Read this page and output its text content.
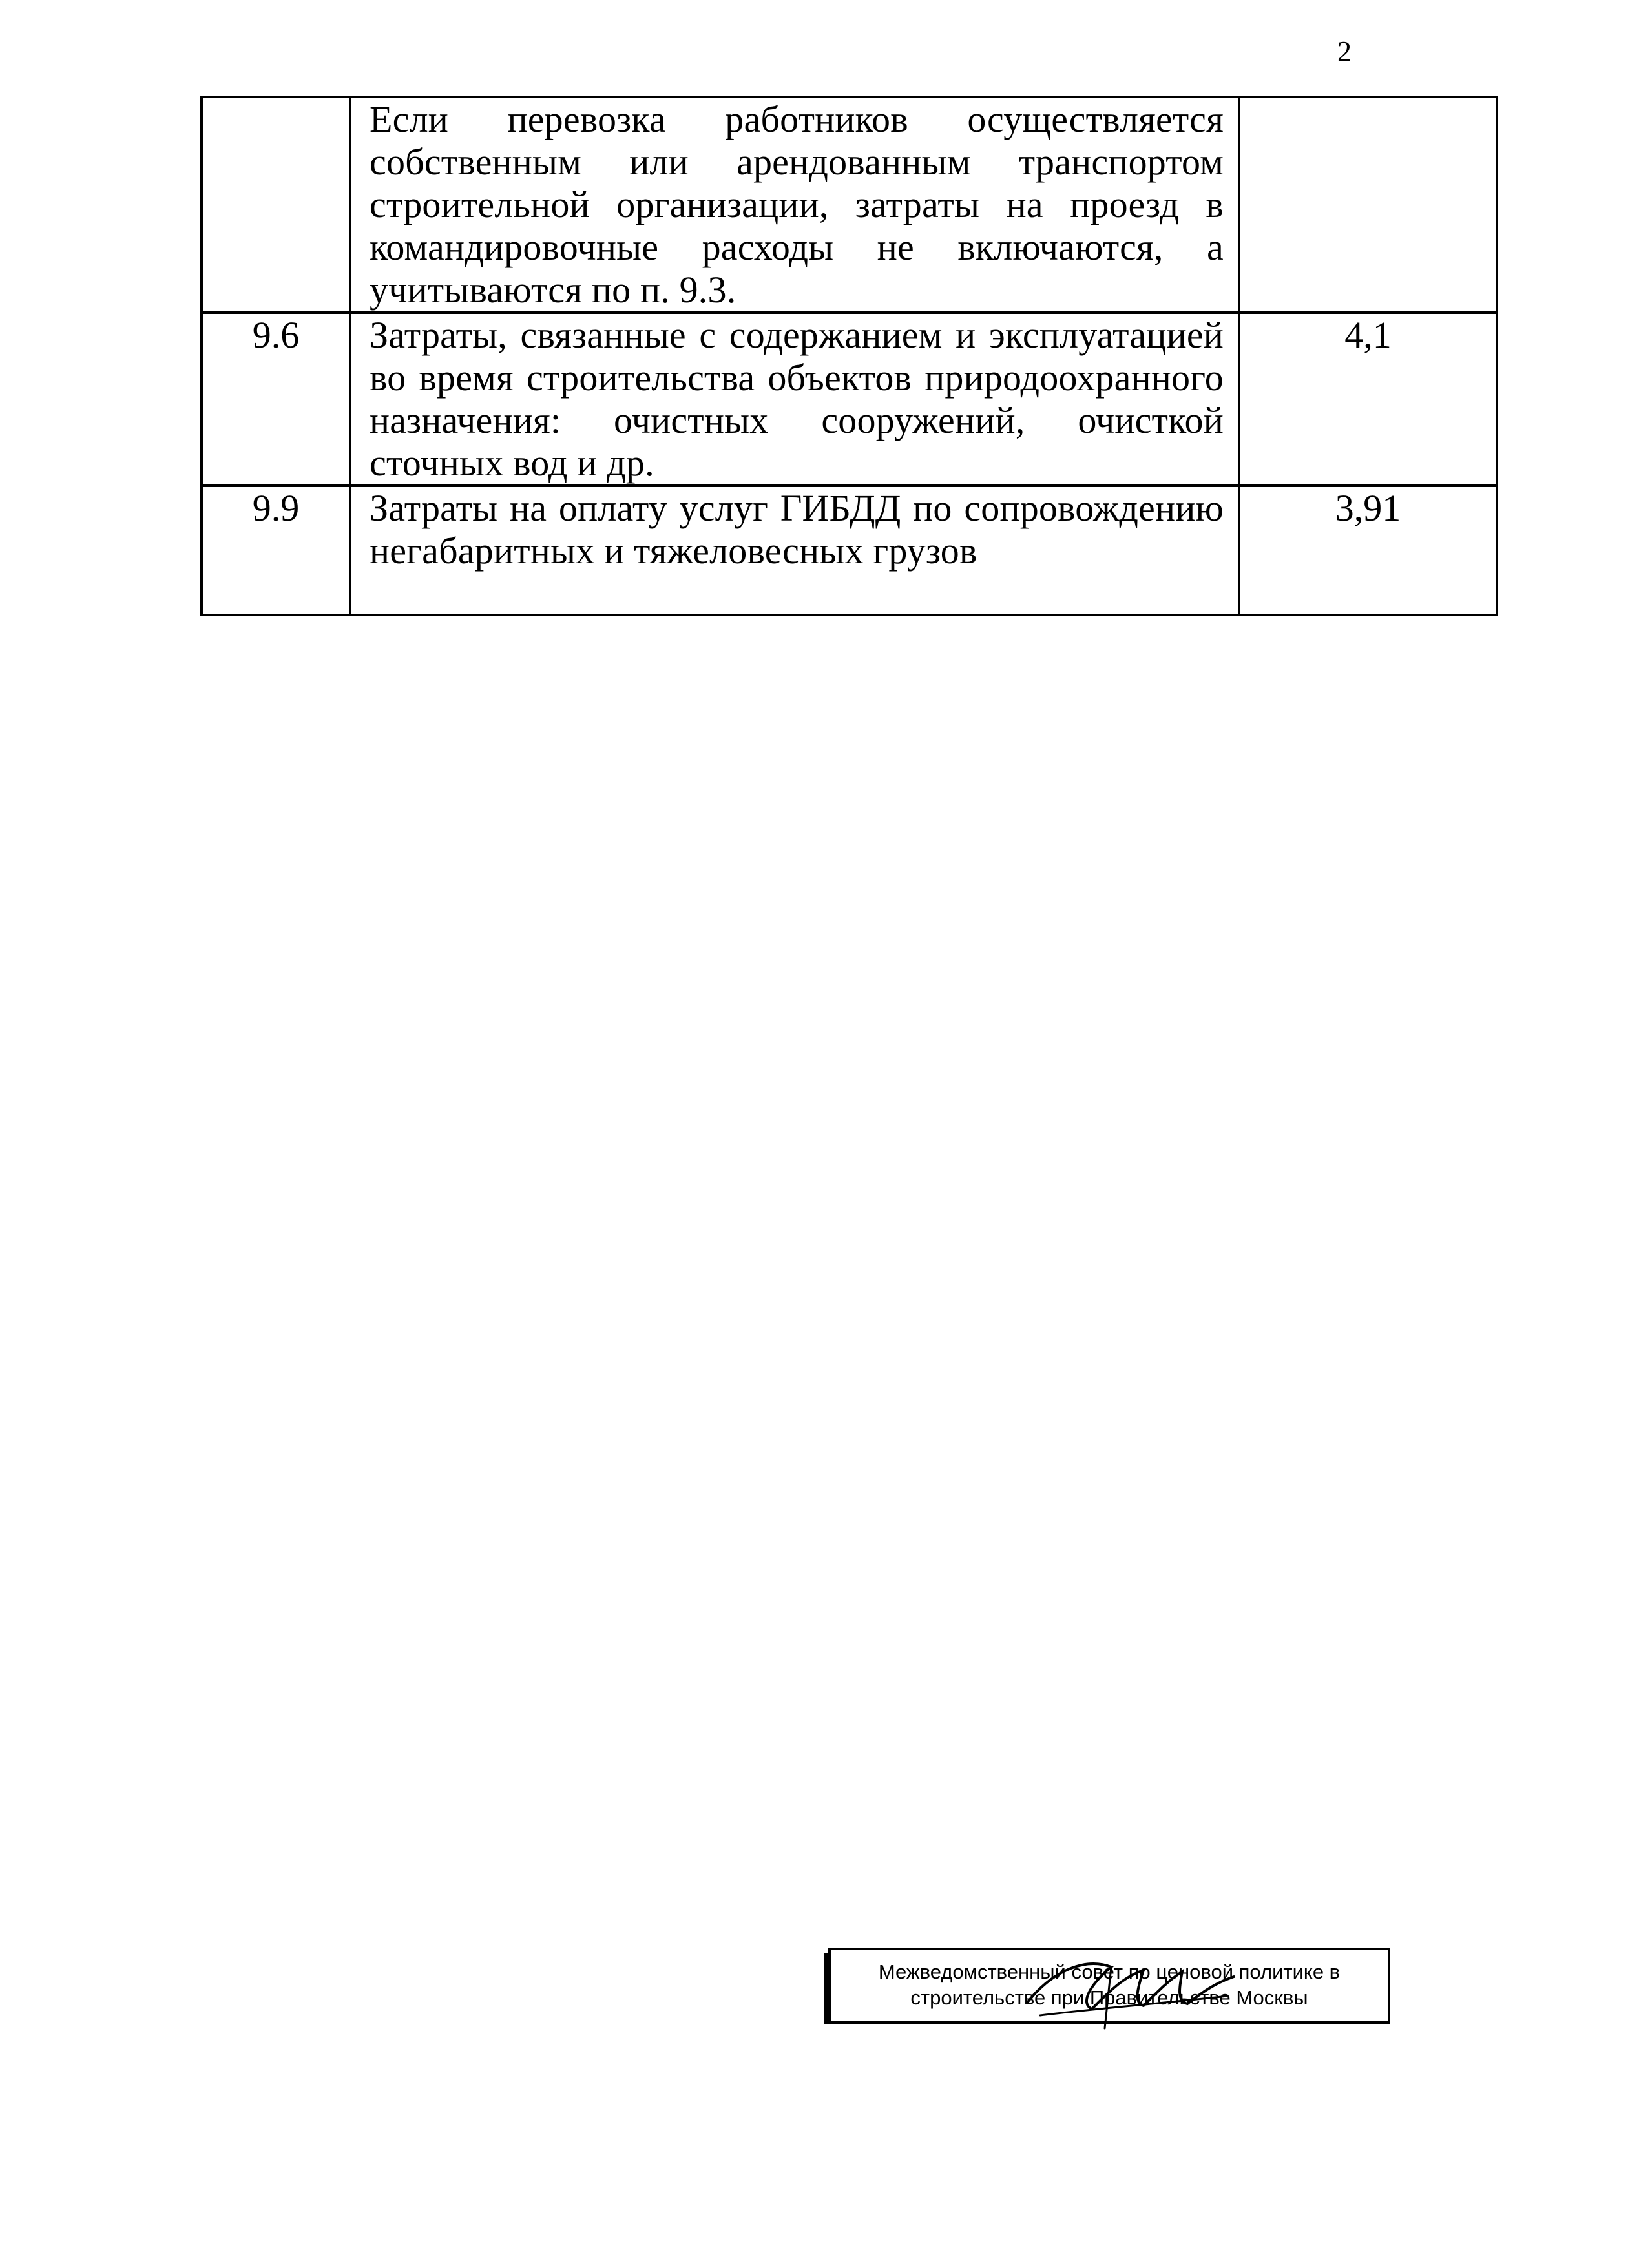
2
	Если перевозка работников осуществляется собственным или арендованным транспортом строительной организации, затраты на проезд в командировочные расходы не включаются, а учитываются по п. 9.3.	
9.6	Затраты, связанные с содержанием и эксплуатацией во время строительства объектов природоохранного назначения: очистных сооружений, очисткой сточных вод и др.	4,1
9.9	Затраты на оплату услуг ГИБДД по сопровождению негабаритных и тяжеловесных грузов	3,91
Межведомственный совет по ценовой политике в
строительстве при Правительстве Москвы
